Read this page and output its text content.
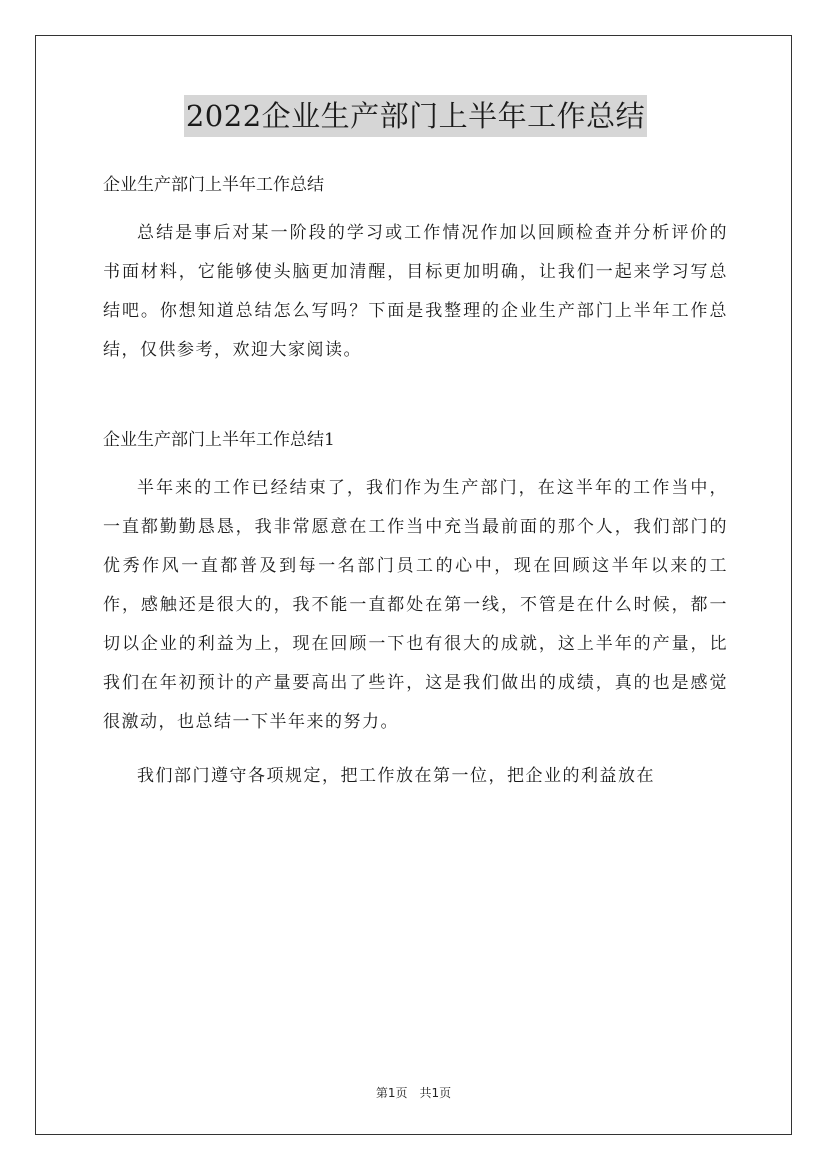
2022企业生产部门上半年工作总结

企业生产部门上半年工作总结

总结是事后对某一阶段的学习或工作情况作加以回顾检查并分析评价的书面材料，它能够使头脑更加清醒，目标更加明确，让我们一起来学习写总结吧。你想知道总结怎么写吗？下面是我整理的企业生产部门上半年工作总结，仅供参考，欢迎大家阅读。

企业生产部门上半年工作总结1

半年来的工作已经结束了，我们作为生产部门，在这半年的工作当中，一直都勤勤恳恳，我非常愿意在工作当中充当最前面的那个人，我们部门的优秀作风一直都普及到每一名部门员工的心中，现在回顾这半年以来的工作，感触还是很大的，我不能一直都处在第一线，不管是在什么时候，都一切以企业的利益为上，现在回顾一下也有很大的成就，这上半年的产量，比我们在年初预计的产量要高出了些许，这是我们做出的成绩，真的也是感觉很激动，也总结一下半年来的努力。

我们部门遵守各项规定，把工作放在第一位，把企业的利益放在

第1页　共1页
